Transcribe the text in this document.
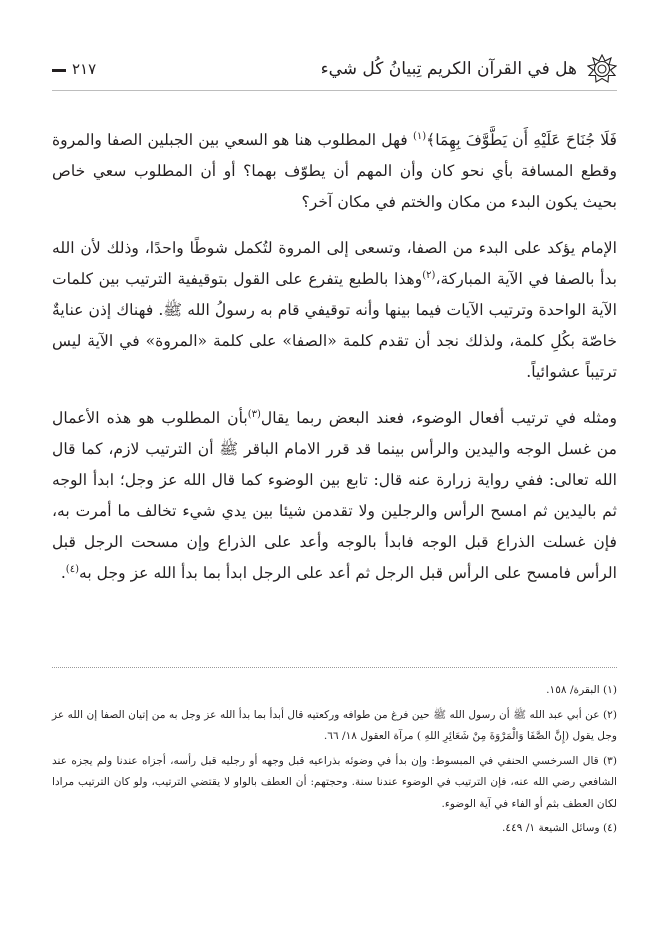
هل في القرآن الكريم تِبيانُ كُل شيء
٢١٧

فَلَا جُنَاحَ عَلَيْهِ أَن يَطَّوَّفَ بِهِمَا﴾$^{(١)}$ فهل المطلوب هنا هو السعي بين الجبلين الصفا والمروة وقطع المسافة بأي نحو كان وأن المهم أن يطوّف بهما؟ أو أن المطلوب سعي خاص بحيث يكون البدء من مكان والختم في مكان آخر؟

الإمام يؤكد على البدء من الصفا، وتسعى إلى المروة لتُكمل شوطًا واحدًا، وذلك لأن الله بدأ بالصفا في الآية المباركة،$^{(٢)}$وهذا بالطبع يتفرع على القول بتوقيفية الترتيب بين كلمات الآية الواحدة وترتيب الآيات فيما بينها وأنه توقيفي قام به رسولُ الله ﷺ. فهناك إذن عنايةٌ خاصّة بكُلِ كلمة، ولذلك نجد أن تقدم كلمة «الصفا» على كلمة «المروة» في الآية ليس ترتيباً عشوائياً.

ومثله في ترتيب أفعال الوضوء، فعند البعض ربما يقال$^{(٣)}$بأن المطلوب هو هذه الأعمال من غسل الوجه واليدين والرأس بينما قد قرر الامام الباقر ﷺ أن الترتيب لازم، كما قال الله تعالى: ففي رواية زرارة عنه قال: تابع بين الوضوء كما قال الله عز وجل؛ ابدأ الوجه ثم باليدين ثم امسح الرأس والرجلين ولا تقدمن شيئا بين يدي شيء تخالف ما أمرت به، فإن غسلت الذراع قبل الوجه فابدأ بالوجه وأعد على الذراع وإن مسحت الرجل قبل الرأس فامسح على الرأس قبل الرجل ثم أعد على الرجل ابدأ بما بدأ الله عز وجل به$^{(٤)}$.

(١) البقرة/ ١٥٨.

(٢) عن أبي عبد الله ﷺ أن رسول الله ﷺ حين فرغ من طوافه وركعتيه قال أبدأ بما بدأ الله عز وجل به من إتيان الصفا إن الله عز وجل يقول (إِنَّ الصَّفَا وَالْمَرْوَةَ مِنْ شَعَائِرِ اللهِ ) مرآة العقول ١٨/ ٦٦.

(٣) قال السرخسي الحنفي في المبسوط: وإن بدأ في وضوئه بذراعيه قبل وجهه أو رجليه قبل رأسه، أجزاه عندنا ولم يجزه عند الشافعي رضي الله عنه، فإن الترتيب في الوضوء عندنا سنة. وحجتهم: أن العطف بالواو لا يقتضي الترتيب، ولو كان الترتيب مرادا لكان العطف بثم أو الفاء في آية الوضوء.

(٤) وسائل الشيعة ١/ ٤٤٩.
